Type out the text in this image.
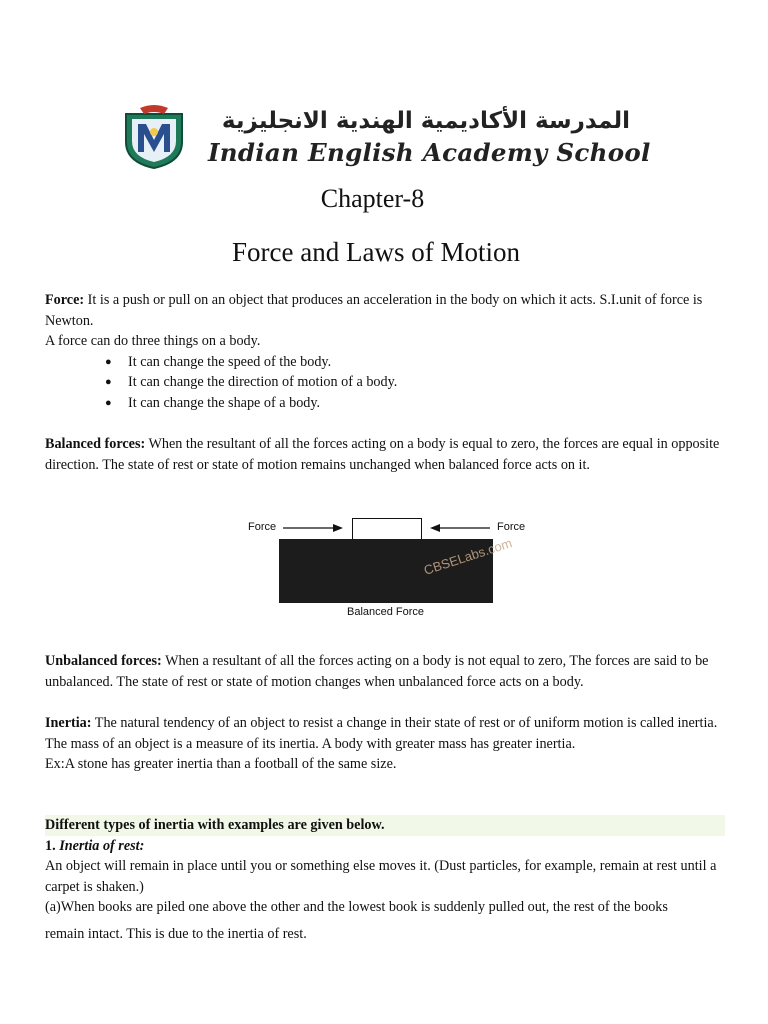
المدرسة الأكاديمية الهندية الانجليزية
Indian English Academy School
Chapter-8
Force and Laws of Motion

Force: It is a push or pull on an object that produces an acceleration in the body on which it acts. S.I.unit of force is Newton.

A force can do three things on a body.

● It can change the speed of the body.
● It can change the direction of motion of a body.
● It can change the shape of a body.

Balanced forces: When the resultant of all the forces acting on a body is equal to zero, the forces are equal in opposite direction. The state of rest or state of motion remains unchanged when balanced force acts on it.

Force	Force
CBSELabs.com
Balanced Force

Unbalanced forces: When a resultant of all the forces acting on a body is not equal to zero, The forces are said to be unbalanced. The state of rest or state of motion changes when unbalanced force acts on a body.

Inertia: The natural tendency of an object to resist a change in their state of rest or of uniform motion is called inertia.

The mass of an object is a measure of its inertia. A body with greater mass has greater inertia.

Ex:A stone has greater inertia than a football of the same size.

Different types of inertia with examples are given below.

1. Inertia of rest:

An object will remain in place until you or something else moves it. (Dust particles, for example, remain at rest until a carpet is shaken.)

(a)When books are piled one above the other and the lowest book is suddenly pulled out, the rest of the books

remain intact. This is due to the inertia of rest.
